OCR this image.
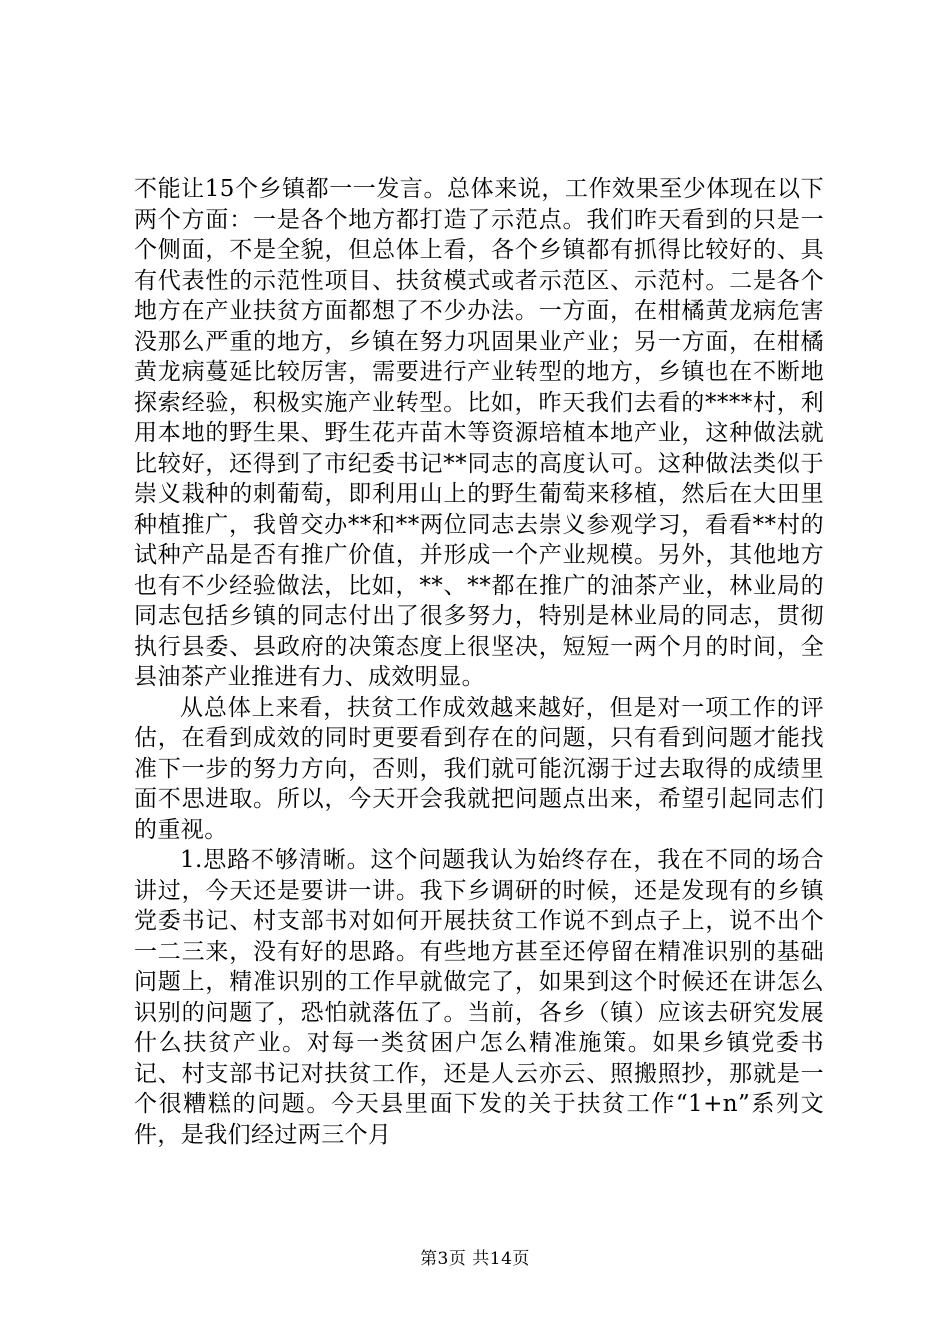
不能让15个乡镇都一一发言。总体来说，工作效果至少体现在以下两个方面：一是各个地方都打造了示范点。我们昨天看到的只是一个侧面，不是全貌，但总体上看，各个乡镇都有抓得比较好的、具有代表性的示范性项目、扶贫模式或者示范区、示范村。二是各个地方在产业扶贫方面都想了不少办法。一方面，在柑橘黄龙病危害没那么严重的地方，乡镇在努力巩固果业产业；另一方面，在柑橘黄龙病蔓延比较厉害，需要进行产业转型的地方，乡镇也在不断地探索经验，积极实施产业转型。比如，昨天我们去看的****村，利用本地的野生果、野生花卉苗木等资源培植本地产业，这种做法就比较好，还得到了市纪委书记**同志的高度认可。这种做法类似于崇义栽种的刺葡萄，即利用山上的野生葡萄来移植，然后在大田里种植推广，我曾交办**和**两位同志去崇义参观学习，看看**村的试种产品是否有推广价值，并形成一个产业规模。另外，其他地方也有不少经验做法，比如，**、**都在推广的油茶产业，林业局的同志包括乡镇的同志付出了很多努力，特别是林业局的同志，贯彻执行县委、县政府的决策态度上很坚决，短短一两个月的时间，全县油茶产业推进有力、成效明显。

从总体上来看，扶贫工作成效越来越好，但是对一项工作的评估，在看到成效的同时更要看到存在的问题，只有看到问题才能找准下一步的努力方向，否则，我们就可能沉溺于过去取得的成绩里面不思进取。所以，今天开会我就把问题点出来，希望引起同志们的重视。

1.思路不够清晰。这个问题我认为始终存在，我在不同的场合讲过，今天还是要讲一讲。我下乡调研的时候，还是发现有的乡镇党委书记、村支部书对如何开展扶贫工作说不到点子上，说不出个一二三来，没有好的思路。有些地方甚至还停留在精准识别的基础问题上，精准识别的工作早就做完了，如果到这个时候还在讲怎么识别的问题了，恐怕就落伍了。当前，各乡（镇）应该去研究发展什么扶贫产业。对每一类贫困户怎么精准施策。如果乡镇党委书记、村支部书记对扶贫工作，还是人云亦云、照搬照抄，那就是一个很糟糕的问题。今天县里面下发的关于扶贫工作“1+n”系列文件，是我们经过两三个月

第3页 共14页
